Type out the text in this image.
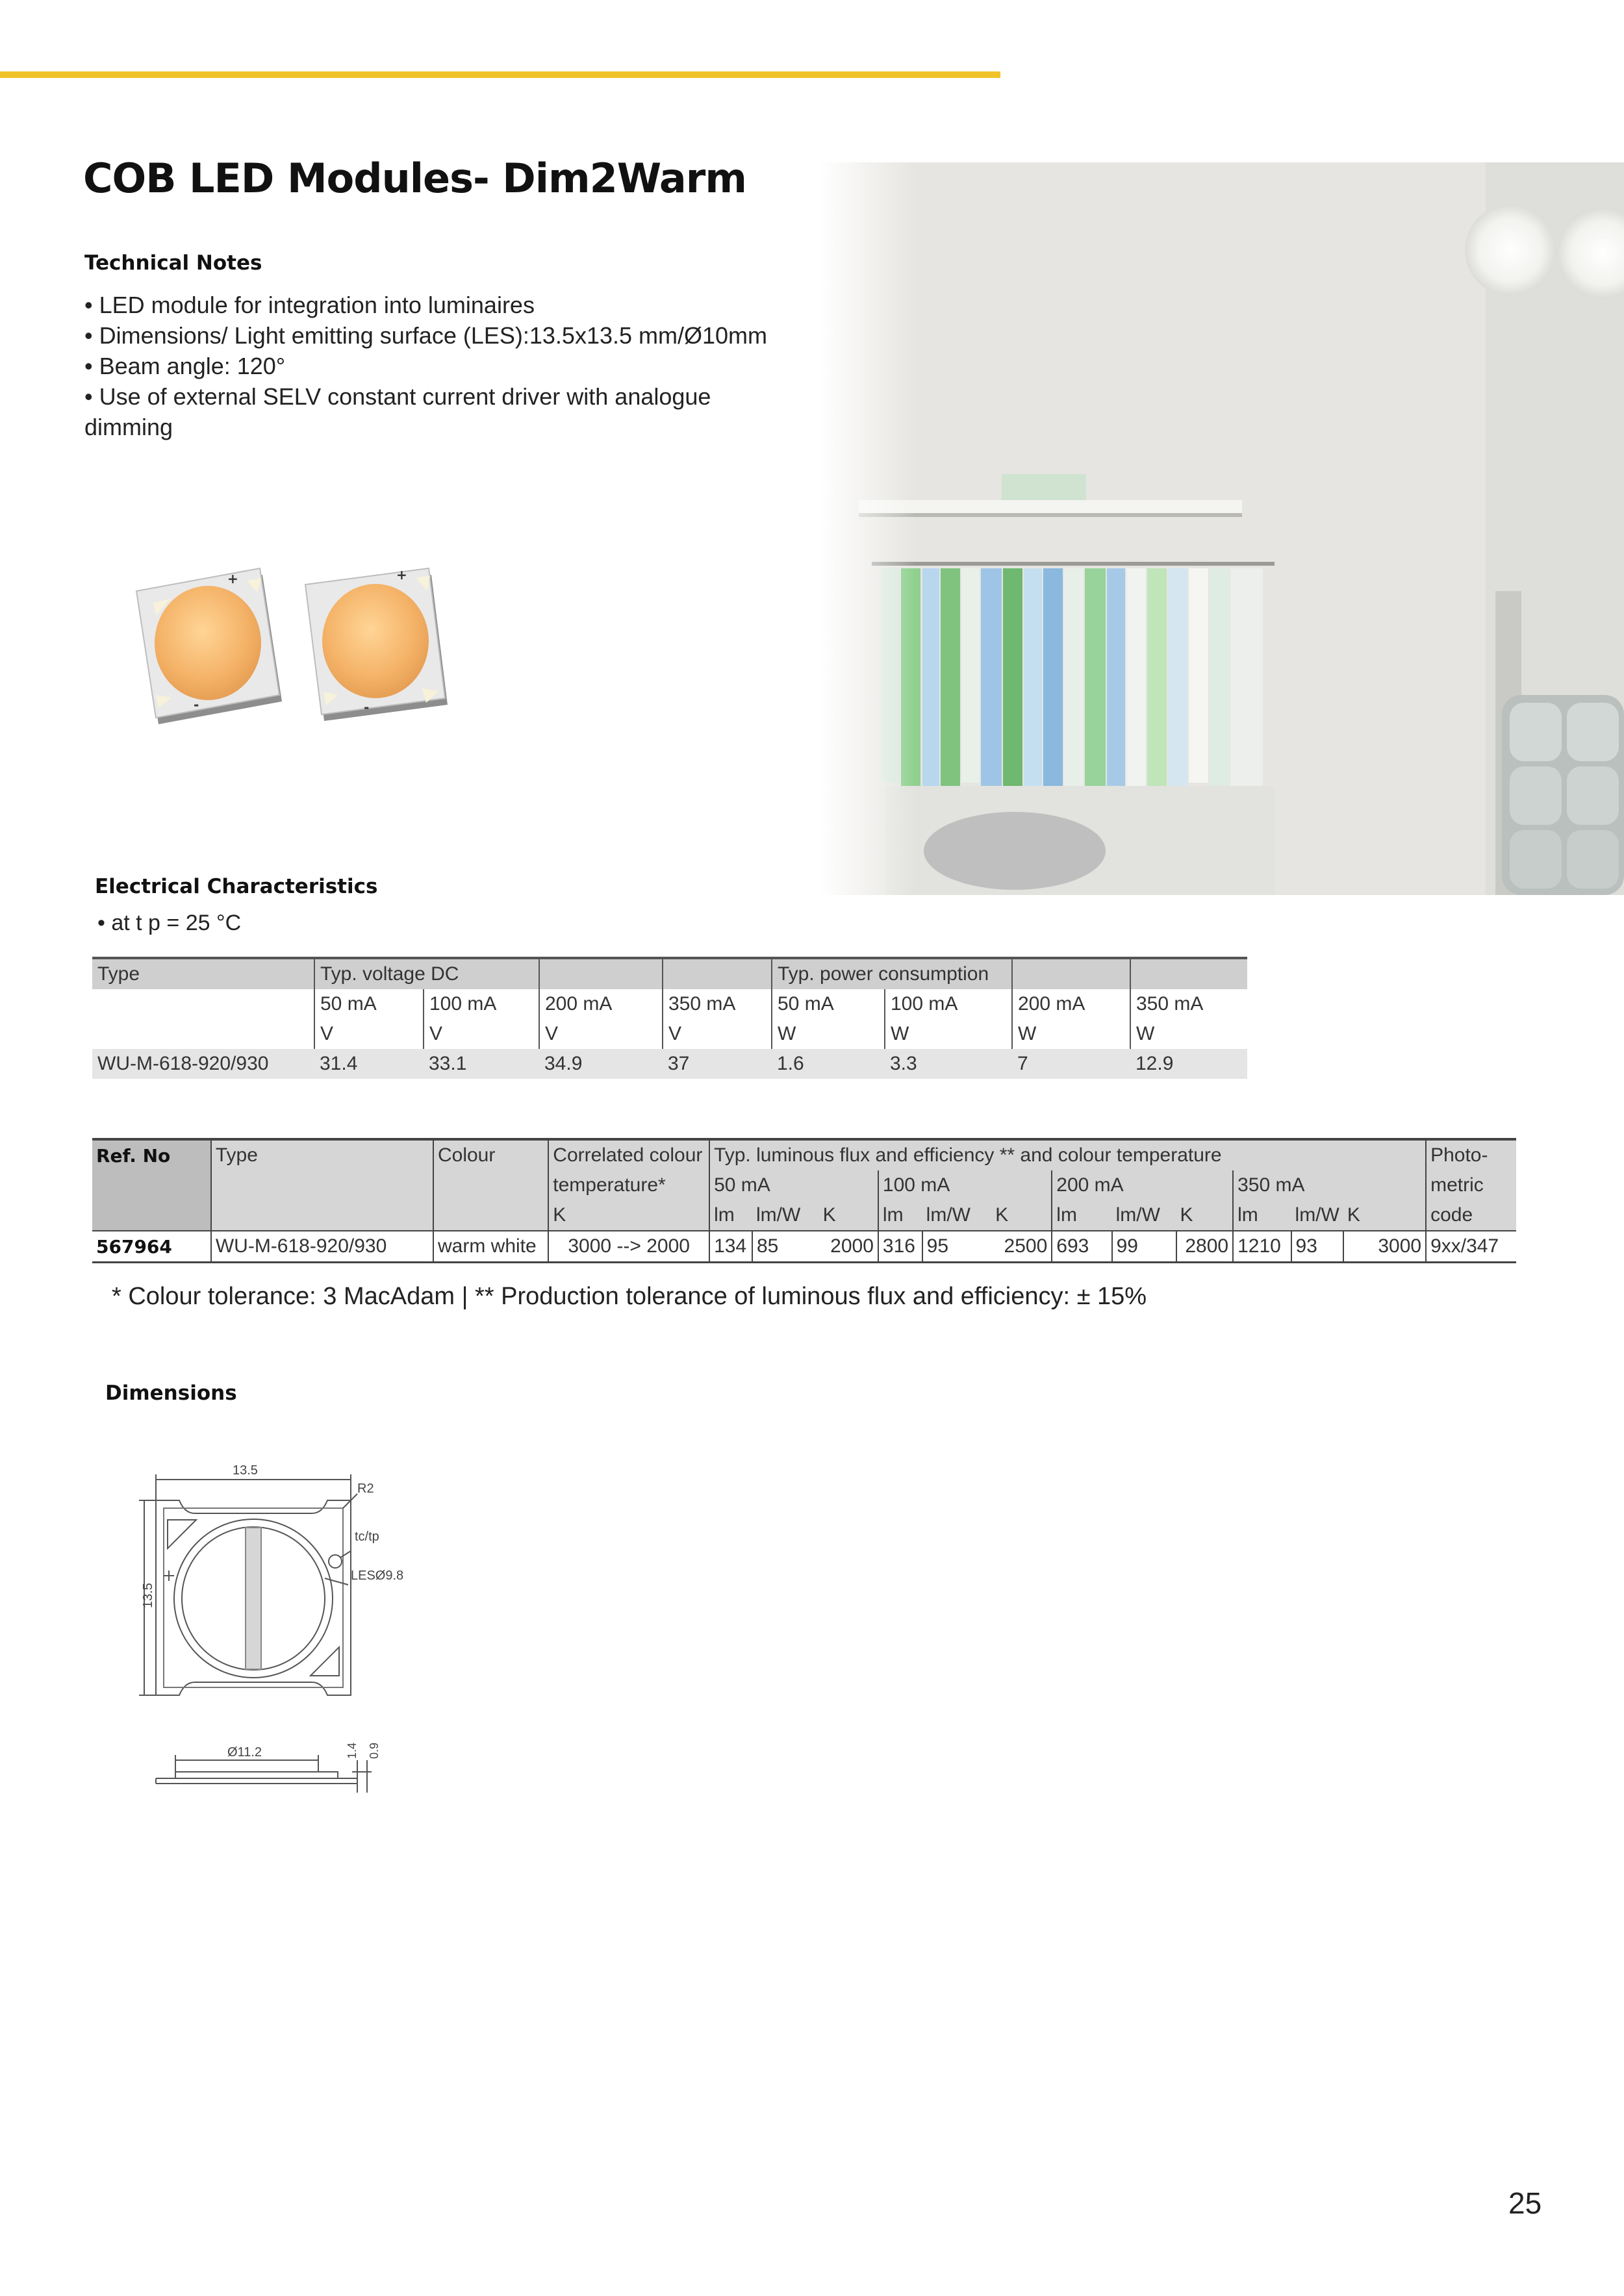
COB LED Modules- Dim2Warm
Technical Notes
• LED module for integration into luminaires
• Dimensions/ Light emitting surface (LES):13.5x13.5 mm/Ø10mm
• Beam angle: 120°
• Use of external SELV constant current driver with analogue
dimming
+
-
+
-
Electrical Characteristics
• at t p = 25 °C
Type	Typ. voltage DC				Typ. power consumption			
	50 mA	100 mA	200 mA	350 mA	50 mA	100 mA	200 mA	350 mA
	V	V	V	V	W	W	W	W
WU-M-618-920/930	31.4	33.1	34.9	37	1.6	3.3	7	12.9
Ref. No	Type	Colour	Correlated colour	Typ. luminous flux and efficiency ** and colour temperature												Photo-
			temperature*	50 mA			100 mA			200 mA			350 mA			metric
			K	lm	lm/W	K	lm	lm/W	K	lm	lm/W	K	lm	lm/W	K	code
567964	WU-M-618-920/930	warm white	3000 --> 2000	134	85	2000	316	95	2500	693	99	2800	1210	93	3000	9xx/347
* Colour tolerance: 3 MacAdam | ** Production tolerance of luminous flux and efficiency: ± 15%
Dimensions
13.5
13.5
R2
tc/tp
LESØ9.8
Ø11.2	1.4 0.9
25
